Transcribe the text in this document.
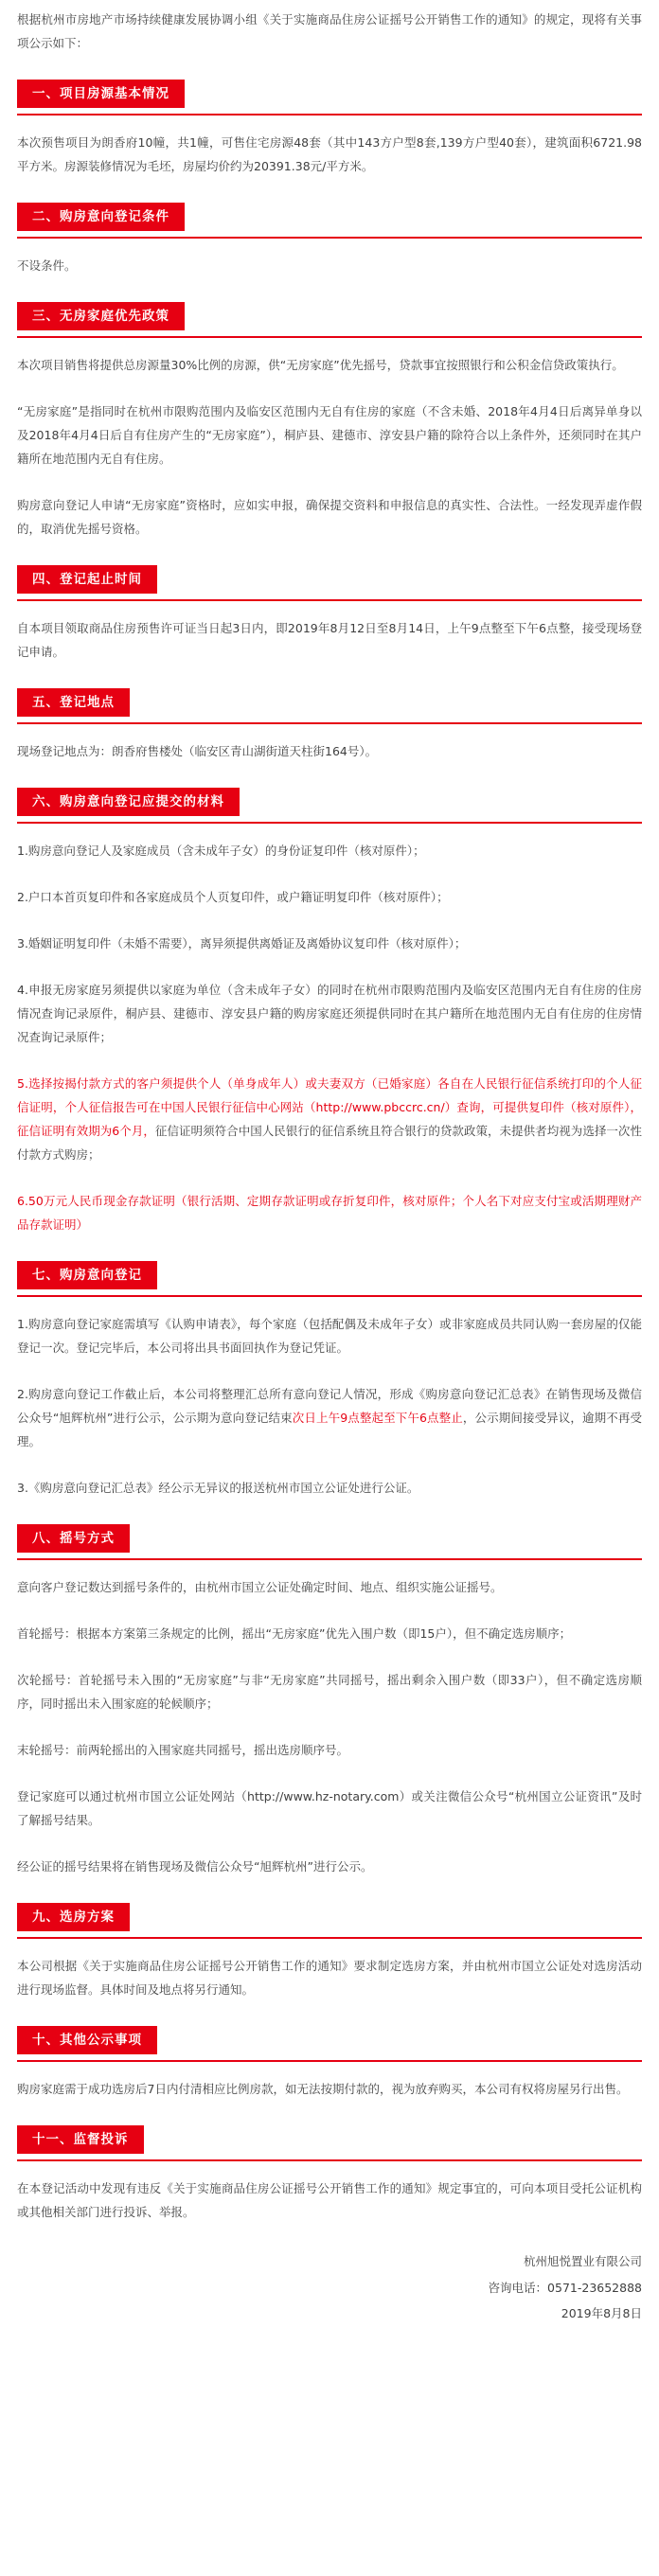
根据杭州市房地产市场持续健康发展协调小组《关于实施商品住房公证摇号公开销售工作的通知》的规定，现将有关事项公示如下：

一、项目房源基本情况

本次预售项目为朗香府10幢，共1幢，可售住宅房源48套（其中143方户型8套,139方户型40套），建筑面积6721.98平方米。房源装修情况为毛坯，房屋均价约为20391.38元/平方米。

二、购房意向登记条件

不设条件。

三、无房家庭优先政策

本次项目销售将提供总房源量30%比例的房源，供“无房家庭”优先摇号，贷款事宜按照银行和公积金信贷政策执行。

“无房家庭”是指同时在杭州市限购范围内及临安区范围内无自有住房的家庭（不含未婚、2018年4月4日后离异单身以及2018年4月4日后自有住房产生的“无房家庭”），桐庐县、建德市、淳安县户籍的除符合以上条件外，还须同时在其户籍所在地范围内无自有住房。

购房意向登记人申请“无房家庭”资格时，应如实申报，确保提交资料和申报信息的真实性、合法性。一经发现弄虚作假的，取消优先摇号资格。

四、登记起止时间

自本项目领取商品住房预售许可证当日起3日内，即2019年8月12日至8月14日，上午9点整至下午6点整，接受现场登记申请。

五、登记地点

现场登记地点为：朗香府售楼处（临安区青山湖街道天柱街164号）。

六、购房意向登记应提交的材料

1.购房意向登记人及家庭成员（含未成年子女）的身份证复印件（核对原件）；

2.户口本首页复印件和各家庭成员个人页复印件，或户籍证明复印件（核对原件）；

3.婚姻证明复印件（未婚不需要），离异须提供离婚证及离婚协议复印件（核对原件）；

4.申报无房家庭另须提供以家庭为单位（含未成年子女）的同时在杭州市限购范围内及临安区范围内无自有住房的住房情况查询记录原件，桐庐县、建德市、淳安县户籍的购房家庭还须提供同时在其户籍所在地范围内无自有住房的住房情况查询记录原件；

5.选择按揭付款方式的客户须提供个人（单身成年人）或夫妻双方（已婚家庭）各自在人民银行征信系统打印的个人征信证明，个人征信报告可在中国人民银行征信中心网站（http://www.pbccrc.cn/）查询，可提供复印件（核对原件），征信证明有效期为6个月，征信证明须符合中国人民银行的征信系统且符合银行的贷款政策，未提供者均视为选择一次性付款方式购房；

6.50万元人民币现金存款证明（银行活期、定期存款证明或存折复印件，核对原件；个人名下对应支付宝或活期理财产品存款证明）

七、购房意向登记

1.购房意向登记家庭需填写《认购申请表》，每个家庭（包括配偶及未成年子女）或非家庭成员共同认购一套房屋的仅能登记一次。登记完毕后，本公司将出具书面回执作为登记凭证。

2.购房意向登记工作截止后，本公司将整理汇总所有意向登记人情况，形成《购房意向登记汇总表》在销售现场及微信公众号“旭辉杭州”进行公示，公示期为意向登记结束次日上午9点整起至下午6点整止，公示期间接受异议，逾期不再受理。

3.《购房意向登记汇总表》经公示无异议的报送杭州市国立公证处进行公证。

八、摇号方式

意向客户登记数达到摇号条件的，由杭州市国立公证处确定时间、地点、组织实施公证摇号。

首轮摇号：根据本方案第三条规定的比例，摇出“无房家庭”优先入围户数（即15户），但不确定选房顺序；

次轮摇号：首轮摇号未入围的“无房家庭”与非“无房家庭”共同摇号，摇出剩余入围户数（即33户），但不确定选房顺序，同时摇出未入围家庭的轮候顺序；

末轮摇号：前两轮摇出的入围家庭共同摇号，摇出选房顺序号。

登记家庭可以通过杭州市国立公证处网站（http://www.hz-notary.com）或关注微信公众号“杭州国立公证资讯”及时了解摇号结果。

经公证的摇号结果将在销售现场及微信公众号“旭辉杭州”进行公示。

九、选房方案

本公司根据《关于实施商品住房公证摇号公开销售工作的通知》要求制定选房方案，并由杭州市国立公证处对选房活动进行现场监督。具体时间及地点将另行通知。

十、其他公示事项

购房家庭需于成功选房后7日内付清相应比例房款，如无法按期付款的，视为放弃购买，本公司有权将房屋另行出售。

十一、监督投诉

在本登记活动中发现有违反《关于实施商品住房公证摇号公开销售工作的通知》规定事宜的，可向本项目受托公证机构或其他相关部门进行投诉、举报。

杭州旭悦置业有限公司
咨询电话：0571-23652888
2019年8月8日
